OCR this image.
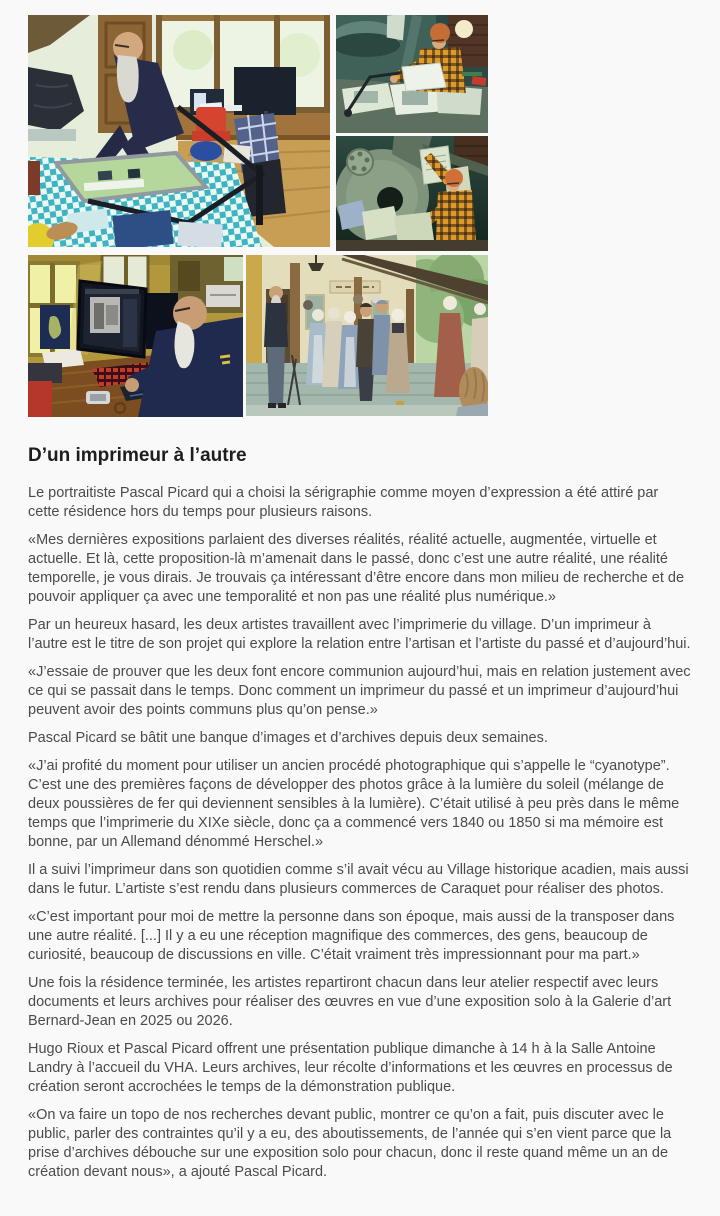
D’un imprimeur à l’autre

Le portraitiste Pascal Picard qui a choisi la sérigraphie comme moyen d’expression a été attiré par cette résidence hors du temps pour plusieurs raisons.

«Mes dernières expositions parlaient des diverses réalités, réalité actuelle, augmentée, virtuelle et actuelle. Et là, cette proposition-là m’amenait dans le passé, donc c’est une autre réalité, une réalité temporelle, je vous dirais. Je trouvais ça intéressant d’être encore dans mon milieu de recherche et de pouvoir appliquer ça avec une temporalité et non pas une réalité plus numérique.»

Par un heureux hasard, les deux artistes travaillent avec l’imprimerie du village. D’un imprimeur à l’autre est le titre de son projet qui explore la relation entre l’artisan et l’artiste du passé et d’aujourd’hui.

«J’essaie de prouver que les deux font encore communion aujourd’hui, mais en relation justement avec ce qui se passait dans le temps. Donc comment un imprimeur du passé et un imprimeur d’aujourd’hui peuvent avoir des points communs plus qu’on pense.»

Pascal Picard se bâtit une banque d’images et d’archives depuis deux semaines.

«J’ai profité du moment pour utiliser un ancien procédé photographique qui s’appelle le “cyanotype”. C’est une des premières façons de développer des photos grâce à la lumière du soleil (mélange de deux poussières de fer qui deviennent sensibles à la lumière). C’était utilisé à peu près dans le même temps que l’imprimerie du XIXe siècle, donc ça a commencé vers 1840 ou 1850 si ma mémoire est bonne, par un Allemand dénommé Herschel.»

Il a suivi l’imprimeur dans son quotidien comme s’il avait vécu au Village historique acadien, mais aussi dans le futur. L’artiste s’est rendu dans plusieurs commerces de Caraquet pour réaliser des photos.

«C’est important pour moi de mettre la personne dans son époque, mais aussi de la transposer dans une autre réalité. [...] Il y a eu une réception magnifique des commerces, des gens, beaucoup de curiosité, beaucoup de discussions en ville. C’était vraiment très impressionnant pour ma part.»

Une fois la résidence terminée, les artistes repartiront chacun dans leur atelier respectif avec leurs documents et leurs archives pour réaliser des œuvres en vue d’une exposition solo à la Galerie d’art Bernard-Jean en 2025 ou 2026.

Hugo Rioux et Pascal Picard offrent une présentation publique dimanche à 14 h à la Salle Antoine Landry à l’accueil du VHA. Leurs archives, leur récolte d’informations et les œuvres en processus de création seront accrochées le temps de la démonstration publique.

«On va faire un topo de nos recherches devant public, montrer ce qu’on a fait, puis discuter avec le public, parler des contraintes qu’il y a eu, des aboutissements, de l’année qui s’en vient parce que la prise d’archives débouche sur une exposition solo pour chacun, donc il reste quand même un an de création devant nous», a ajouté Pascal Picard.
